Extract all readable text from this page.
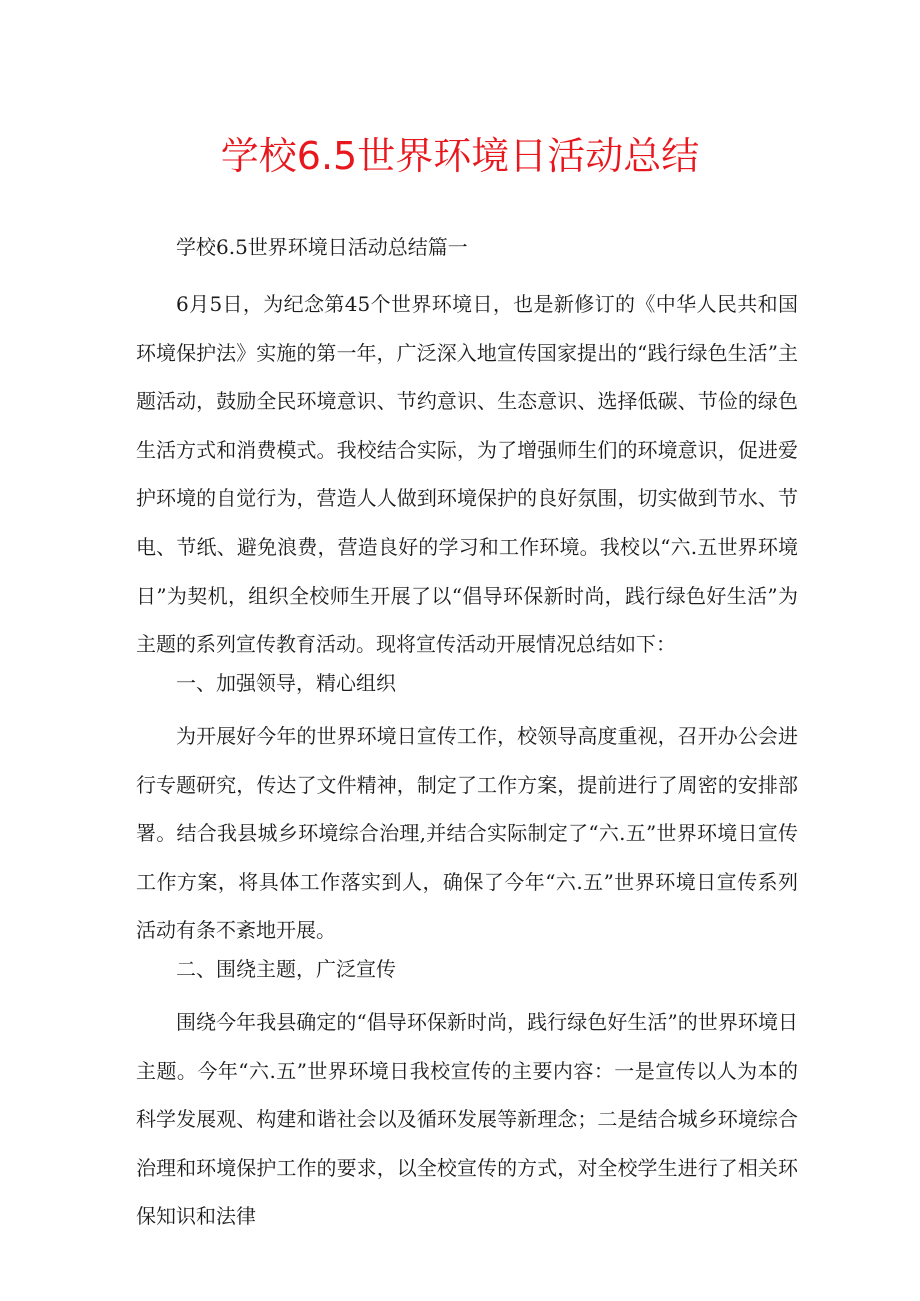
学校6.5世界环境日活动总结

学校6.5世界环境日活动总结篇一

6月5日，为纪念第45个世界环境日，也是新修订的《中华人民共和国环境保护法》实施的第一年，广泛深入地宣传国家提出的“践行绿色生活”主题活动，鼓励全民环境意识、节约意识、生态意识、选择低碳、节俭的绿色生活方式和消费模式。我校结合实际，为了增强师生们的环境意识，促进爱护环境的自觉行为，营造人人做到环境保护的良好氛围，切实做到节水、节电、节纸、避免浪费，营造良好的学习和工作环境。我校以“六.五世界环境日”为契机，组织全校师生开展了以“倡导环保新时尚，践行绿色好生活”为主题的系列宣传教育活动。现将宣传活动开展情况总结如下：

一、加强领导，精心组织

为开展好今年的世界环境日宣传工作，校领导高度重视，召开办公会进行专题研究，传达了文件精神，制定了工作方案，提前进行了周密的安排部署。结合我县城乡环境综合治理,并结合实际制定了“六.五”世界环境日宣传工作方案，将具体工作落实到人，确保了今年“六.五”世界环境日宣传系列活动有条不紊地开展。

二、围绕主题，广泛宣传

围绕今年我县确定的“倡导环保新时尚，践行绿色好生活”的世界环境日主题。今年“六.五”世界环境日我校宣传的主要内容：一是宣传以人为本的科学发展观、构建和谐社会以及循环发展等新理念；二是结合城乡环境综合治理和环境保护工作的要求，以全校宣传的方式，对全校学生进行了相关环保知识和法律
